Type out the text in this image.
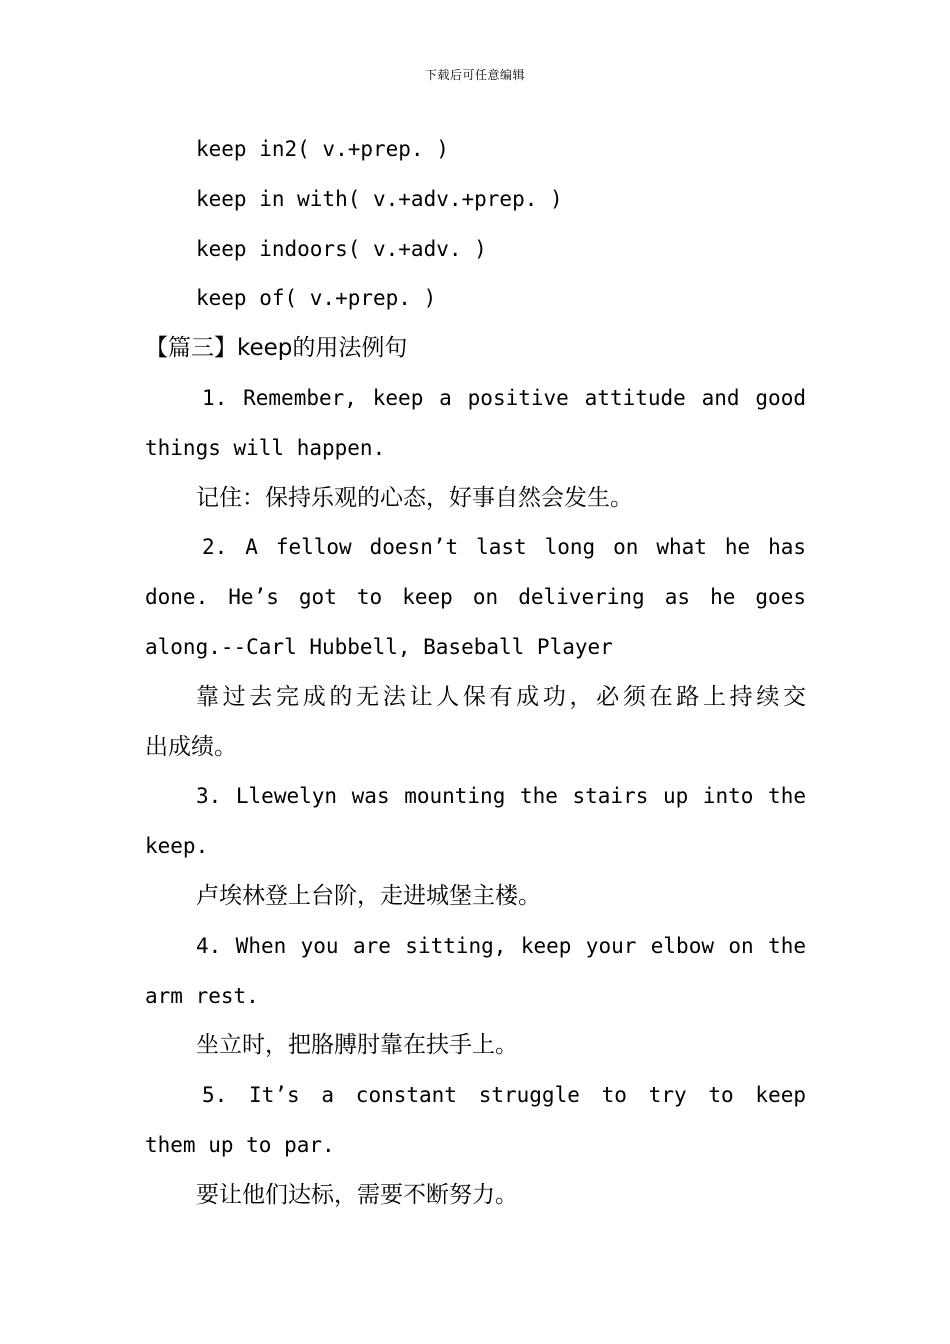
下载后可任意编辑
keep in2( v.+prep. )
keep in with( v.+adv.+prep. )
keep indoors( v.+adv. )
keep of( v.+prep. )
【篇三】keep的用法例句
1. Remember, keep a positive attitude and good
things will happen.
记住：保持乐观的心态，好事自然会发生。
2. A fellow doesn’t last long on what he has
done. He’s got to keep on delivering as he goes
along.--Carl Hubbell, Baseball Player
靠过去完成的无法让人保有成功，必须在路上持续交
出成绩。
3. Llewelyn was mounting the stairs up into the
keep.
卢埃林登上台阶，走进城堡主楼。
4. When you are sitting, keep your elbow on the
arm rest.
坐立时，把胳膊肘靠在扶手上。
5. It’s a constant struggle to try to keep
them up to par.
要让他们达标，需要不断努力。
